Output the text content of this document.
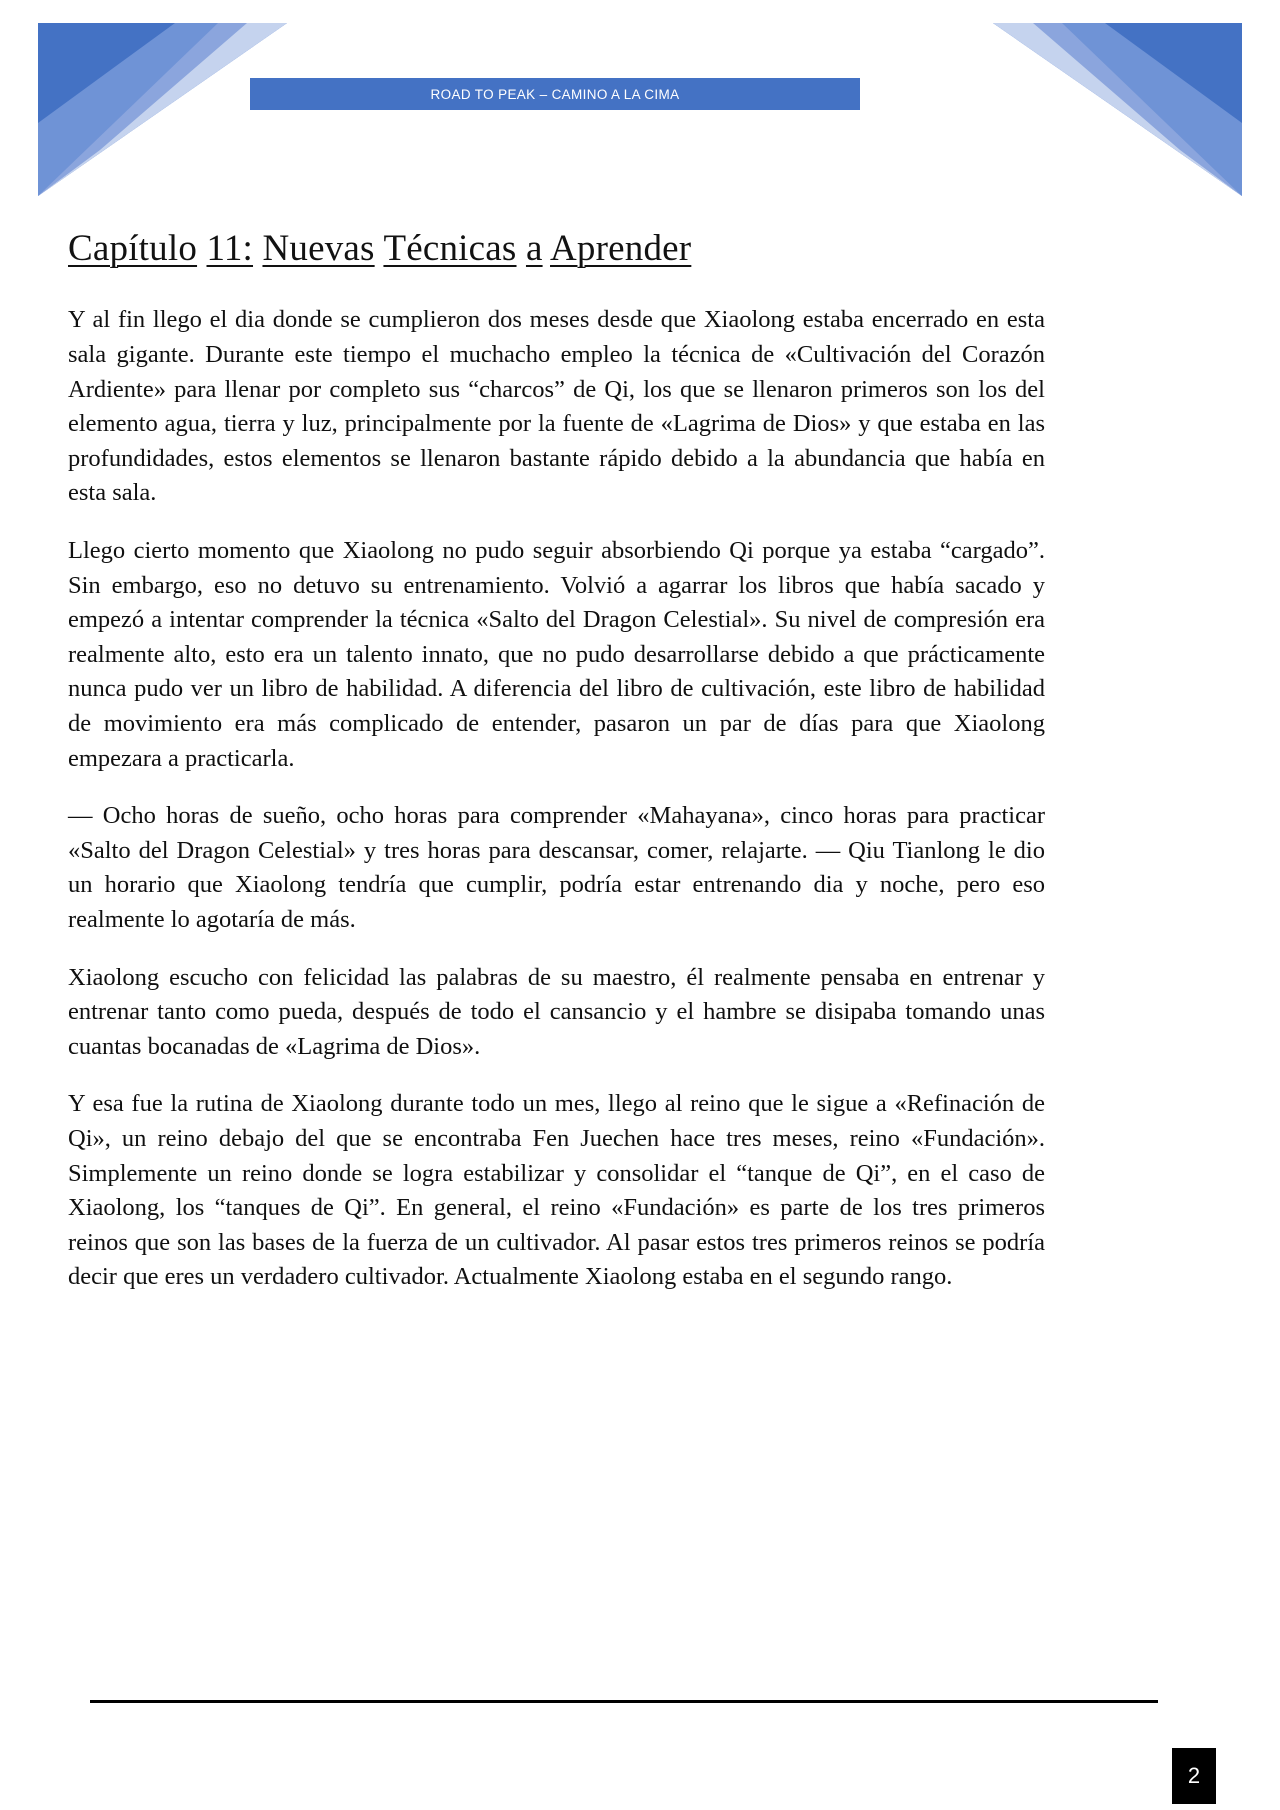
ROAD TO PEAK – CAMINO A LA CIMA
Capítulo 11: Nuevas Técnicas a Aprender

Y al fin llego el dia donde se cumplieron dos meses desde que Xiaolong estaba encerrado en esta sala gigante. Durante este tiempo el muchacho empleo la técnica de «Cultivación del Corazón Ardiente» para llenar por completo sus “charcos” de Qi, los que se llenaron primeros son los del elemento agua, tierra y luz, principalmente por la fuente de «Lagrima de Dios» y que estaba en las profundidades, estos elementos se llenaron bastante rápido debido a la abundancia que había en esta sala.

Llego cierto momento que Xiaolong no pudo seguir absorbiendo Qi porque ya estaba “cargado”. Sin embargo, eso no detuvo su entrenamiento. Volvió a agarrar los libros que había sacado y empezó a intentar comprender la técnica «Salto del Dragon Celestial». Su nivel de compresión era realmente alto, esto era un talento innato, que no pudo desarrollarse debido a que prácticamente nunca pudo ver un libro de habilidad. A diferencia del libro de cultivación, este libro de habilidad de movimiento era más complicado de entender, pasaron un par de días para que Xiaolong empezara a practicarla.

— Ocho horas de sueño, ocho horas para comprender «Mahayana», cinco horas para practicar «Salto del Dragon Celestial» y tres horas para descansar, comer, relajarte. — Qiu Tianlong le dio un horario que Xiaolong tendría que cumplir, podría estar entrenando dia y noche, pero eso realmente lo agotaría de más.

Xiaolong escucho con felicidad las palabras de su maestro, él realmente pensaba en entrenar y entrenar tanto como pueda, después de todo el cansancio y el hambre se disipaba tomando unas cuantas bocanadas de «Lagrima de Dios».

Y esa fue la rutina de Xiaolong durante todo un mes, llego al reino que le sigue a «Refinación de Qi», un reino debajo del que se encontraba Fen Juechen hace tres meses, reino «Fundación». Simplemente un reino donde se logra estabilizar y consolidar el “tanque de Qi”, en el caso de Xiaolong, los “tanques de Qi”. En general, el reino «Fundación» es parte de los tres primeros reinos que son las bases de la fuerza de un cultivador. Al pasar estos tres primeros reinos se podría decir que eres un verdadero cultivador. Actualmente Xiaolong estaba en el segundo rango.

2
